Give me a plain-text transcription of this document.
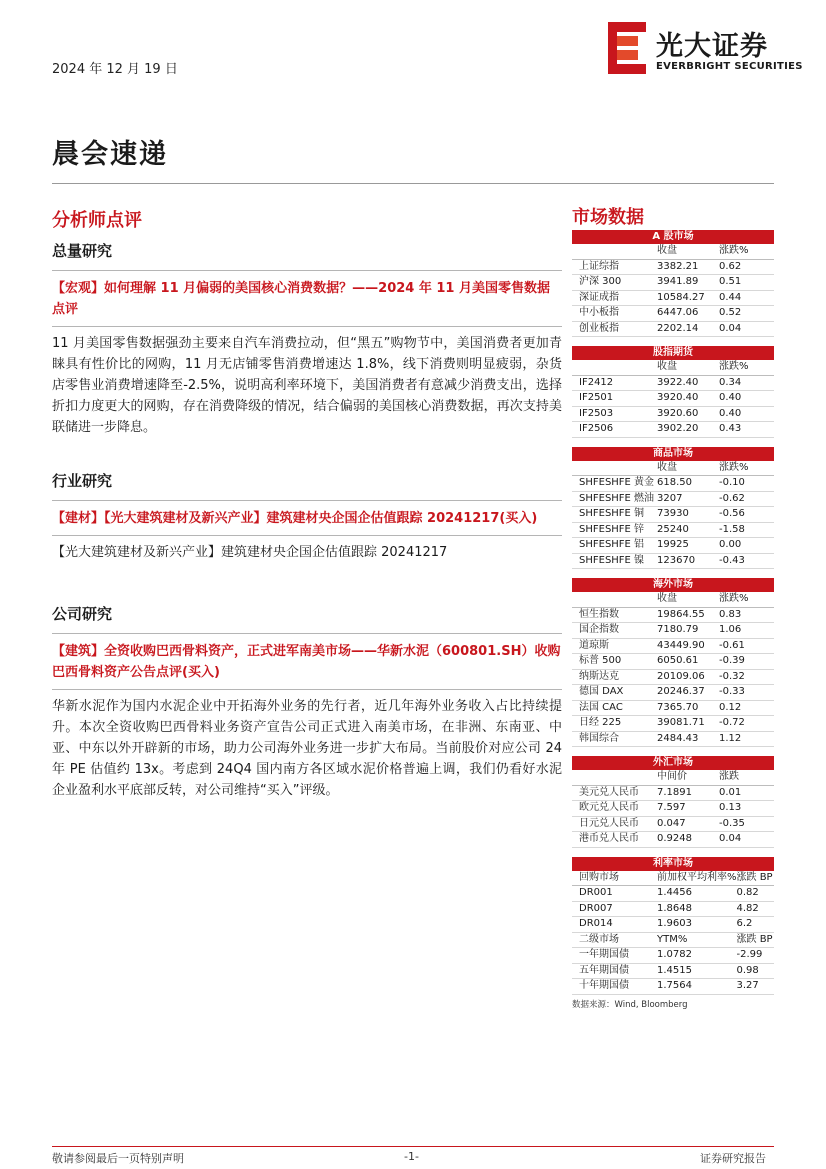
2024 年 12 月 19 日
光大证券
EVERBRIGHT SECURITIES
晨会速递
分析师点评
总量研究

【宏观】如何理解 11 月偏弱的美国核心消费数据？——2024 年 11 月美国零售数据点评

11 月美国零售数据强劲主要来自汽车消费拉动，但“黑五”购物节中，美国消费者更加青睐具有性价比的网购，11 月无店铺零售消费增速达 1.8%，线下消费则明显疲弱，杂货店零售业消费增速降至-2.5%，说明高利率环境下，美国消费者有意减少消费支出，选择折扣力度更大的网购，存在消费降级的情况，结合偏弱的美国核心消费数据，再次支持美联储进一步降息。

行业研究

【建材】【光大建筑建材及新兴产业】建筑建材央企国企估值跟踪 20241217(买入)

【光大建筑建材及新兴产业】建筑建材央企国企估值跟踪 20241217

公司研究

【建筑】全资收购巴西骨料资产，正式进军南美市场——华新水泥（600801.SH）收购巴西骨料资产公告点评(买入)

华新水泥作为国内水泥企业中开拓海外业务的先行者，近几年海外业务收入占比持续提升。本次全资收购巴西骨料业务资产宣告公司正式进入南美市场，在非洲、东南亚、中亚、中东以外开辟新的市场，助力公司海外业务进一步扩大布局。当前股价对应公司 24 年 PE 估值约 13x。考虑到 24Q4 国内南方各区域水泥价格普遍上调，我们仍看好水泥企业盈利水平底部反转，对公司维持“买入”评级。

市场数据
A 股市场
	收盘	涨跌%
上证综指	3382.21	0.62
沪深 300	3941.89	0.51
深证成指	10584.27	0.44
中小板指	6447.06	0.52
创业板指	2202.14	0.04
股指期货
	收盘	涨跌%
IF2412	3922.40	0.34
IF2501	3920.40	0.40
IF2503	3920.60	0.40
IF2506	3902.20	0.43
商品市场
	收盘	涨跌%
SHFESHFE 黄金	618.50	-0.10
SHFESHFE 燃油	3207	-0.62
SHFESHFE 铜	73930	-0.56
SHFESHFE 锌	25240	-1.58
SHFESHFE 铝	19925	0.00
SHFESHFE 镍	123670	-0.43
海外市场
	收盘	涨跌%
恒生指数	19864.55	0.83
国企指数	7180.79	1.06
道琼斯	43449.90	-0.61
标普 500	6050.61	-0.39
纳斯达克	20109.06	-0.32
德国 DAX	20246.37	-0.33
法国 CAC	7365.70	0.12
日经 225	39081.71	-0.72
韩国综合	2484.43	1.12
外汇市场
	中间价	涨跌
美元兑人民币	7.1891	0.01
欧元兑人民币	7.597	0.13
日元兑人民币	0.047	-0.35
港币兑人民币	0.9248	0.04
利率市场
回购市场	前加权平均利率%	涨跌 BP
DR001	1.4456	0.82
DR007	1.8648	4.82
DR014	1.9603	6.2
二级市场	YTM%	涨跌 BP
一年期国债	1.0782	-2.99
五年期国债	1.4515	0.98
十年期国债	1.7564	3.27
数据来源：Wind, Bloomberg
敬请参阅最后一页特别声明	-1-	证券研究报告
